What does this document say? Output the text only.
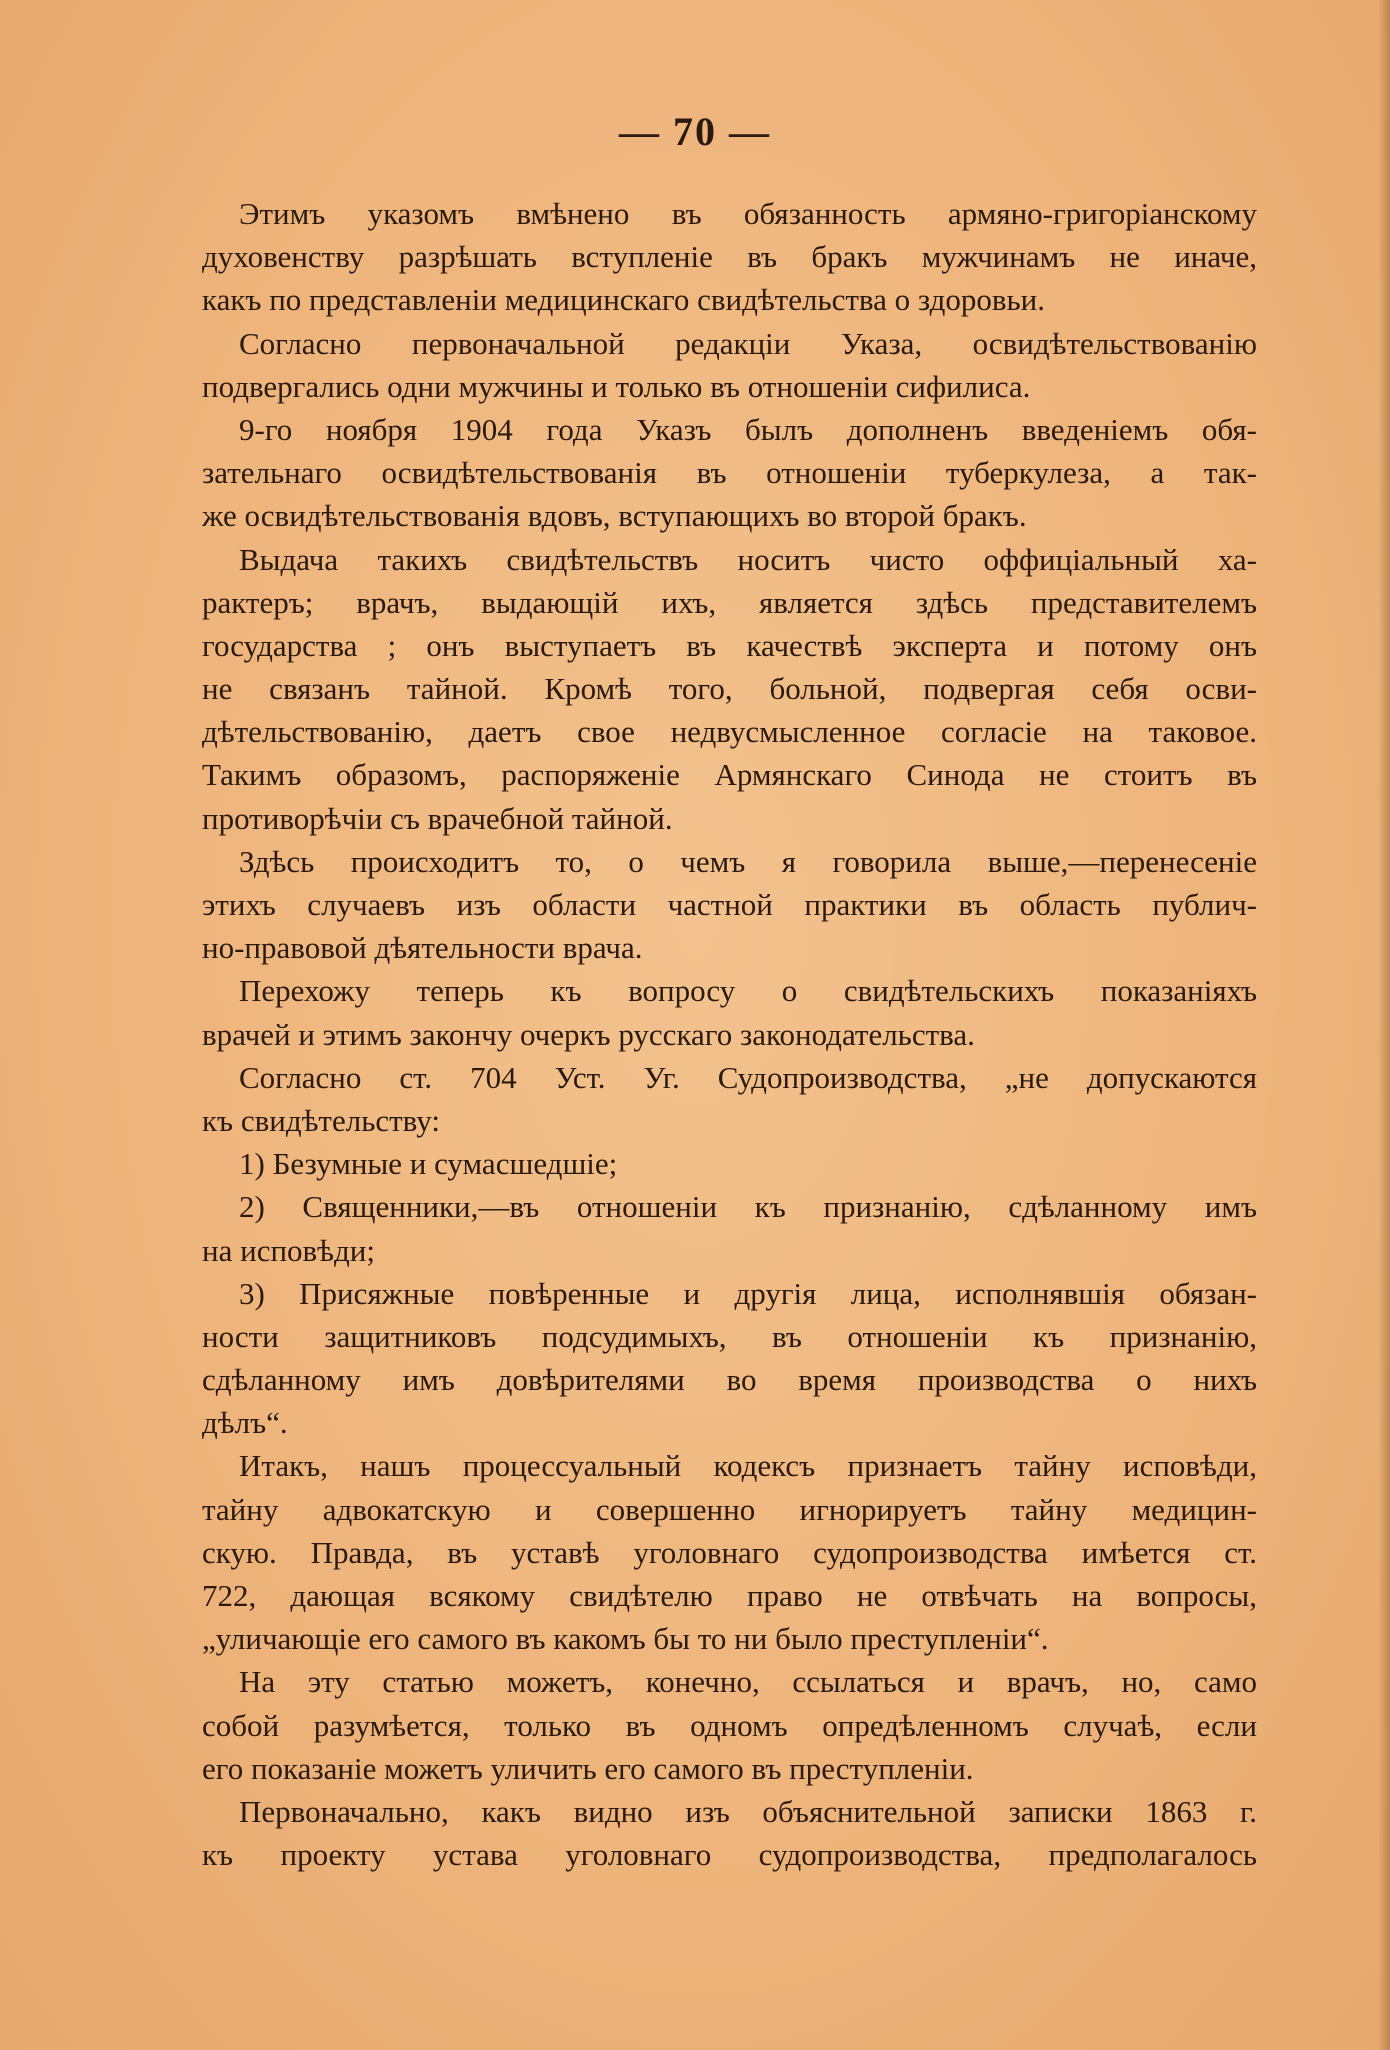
— 70 —
Этимъ указомъ вмѣнено въ обязанность армяно-григоріанскому
духовенству разрѣшать вступленіе въ бракъ мужчинамъ не иначе,
какъ по представленіи медицинскаго свидѣтельства о здоровьи.
Согласно первоначальной редакціи Указа, освидѣтельствованію
подвергались одни мужчины и только въ отношеніи сифилиса.
9-го ноября 1904 года Указъ былъ дополненъ введеніемъ обя-
зательнаго освидѣтельствованія въ отношеніи туберкулеза, а так-
же освидѣтельствованія вдовъ, вступающихъ во второй бракъ.
Выдача такихъ свидѣтельствъ носитъ чисто оффиціальный ха-
рактеръ; врачъ, выдающій ихъ, является здѣсь представителемъ
государства ; онъ выступаетъ въ качествѣ эксперта и потому онъ
не связанъ тайной. Кромѣ того, больной, подвергая себя осви-
дѣтельствованію, даетъ свое недвусмысленное согласіе на таковое.
Такимъ образомъ, распоряженіе Армянскаго Синода не стоитъ въ
противорѣчіи съ врачебной тайной.
Здѣсь происходитъ то, о чемъ я говорила выше,—перенесеніе
этихъ случаевъ изъ области частной практики въ область публич-
но-правовой дѣятельности врача.
Перехожу теперь къ вопросу о свидѣтельскихъ показаніяхъ
врачей и этимъ закончу очеркъ русскаго законодательства.
Согласно ст. 704 Уст. Уг. Судопроизводства, „не допускаются
къ свидѣтельству:
1) Безумные и сумасшедшіе;
2) Священники,—въ отношеніи къ признанію, сдѣланному имъ
на исповѣди;
3) Присяжные повѣренные и другія лица, исполнявшія обязан-
ности защитниковъ подсудимыхъ, въ отношеніи къ признанію,
сдѣланному имъ довѣрителями во время производства о нихъ
дѣлъ“.
Итакъ, нашъ процессуальный кодексъ признаетъ тайну исповѣди,
тайну адвокатскую и совершенно игнорируетъ тайну медицин-
скую. Правда, въ уставѣ уголовнаго судопроизводства имѣется ст.
722, дающая всякому свидѣтелю право не отвѣчать на вопросы,
„уличающіе его самого въ какомъ бы то ни было преступленіи“.
На эту статью можетъ, конечно, ссылаться и врачъ, но, само
собой разумѣется, только въ одномъ опредѣленномъ случаѣ, если
его показаніе можетъ уличить его самого въ преступленіи.
Первоначально, какъ видно изъ объяснительной записки 1863 г.
къ проекту устава уголовнаго судопроизводства, предполагалось
